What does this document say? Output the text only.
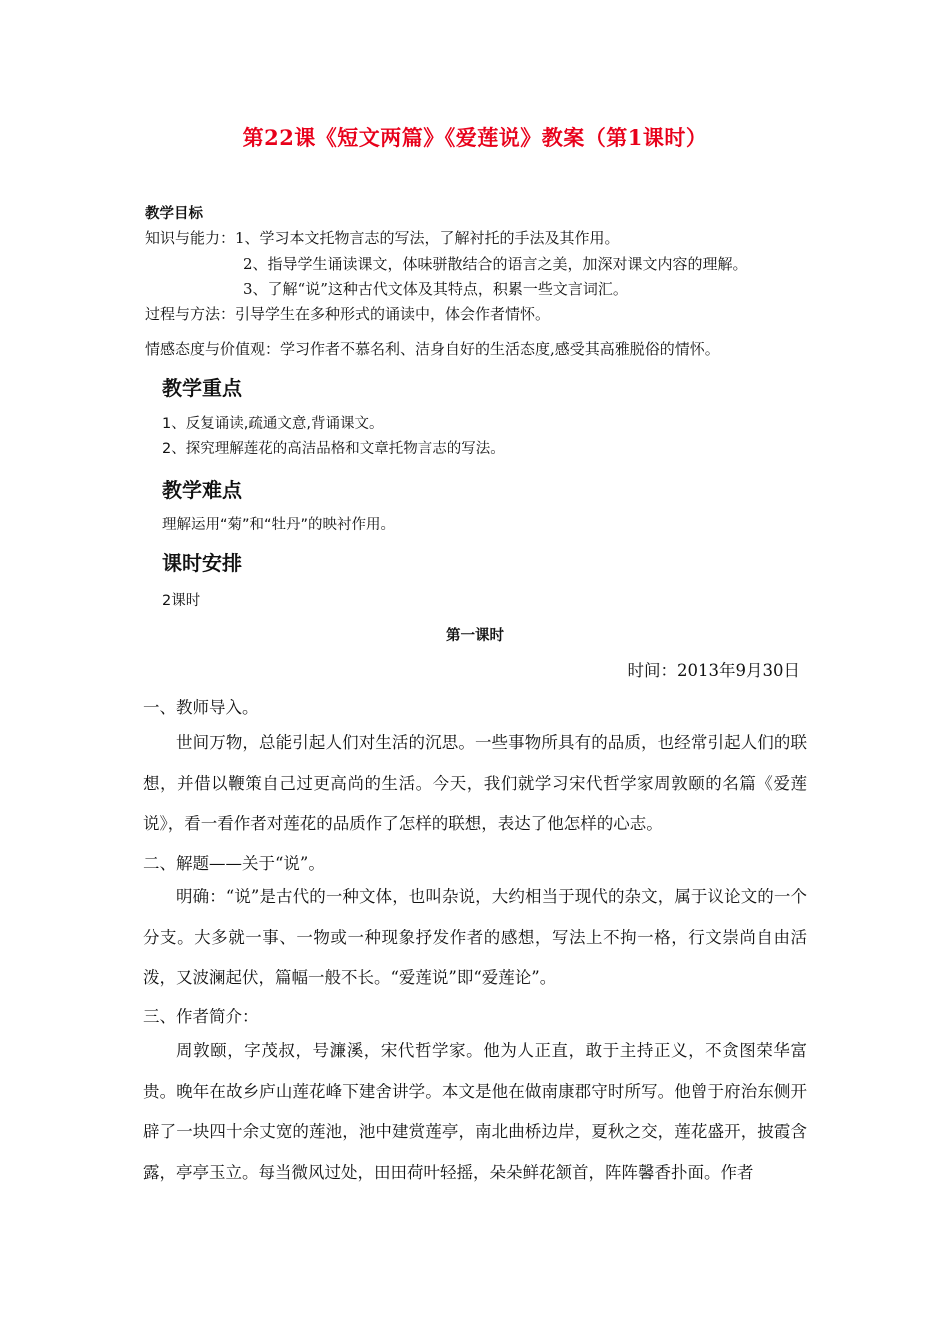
第22课《短文两篇》《爱莲说》教案（第1课时）
教学目标
知识与能力：1、学习本文托物言志的写法，了解衬托的手法及其作用。
2、指导学生诵读课文，体味骈散结合的语言之美，加深对课文内容的理解。
3、了解“说”这种古代文体及其特点，积累一些文言词汇。
过程与方法：引导学生在多种形式的诵读中，体会作者情怀。
情感态度与价值观：学习作者不慕名利、洁身自好的生活态度,感受其高雅脱俗的情怀。
教学重点
1、反复诵读,疏通文意,背诵课文。
2、探究理解莲花的高洁品格和文章托物言志的写法。
教学难点
理解运用“菊”和“牡丹”的映衬作用。
课时安排
2课时
第一课时
时间：2013年9月30日
一、教师导入。
世间万物，总能引起人们对生活的沉思。一些事物所具有的品质，也经常引起人们的联想，并借以鞭策自己过更高尚的生活。今天，我们就学习宋代哲学家周敦颐的名篇《爱莲说》，看一看作者对莲花的品质作了怎样的联想，表达了他怎样的心志。
二、解题——关于“说”。
明确：“说”是古代的一种文体，也叫杂说，大约相当于现代的杂文，属于议论文的一个分支。大多就一事、一物或一种现象抒发作者的感想，写法上不拘一格，行文崇尚自由活泼，又波澜起伏，篇幅一般不长。“爱莲说”即“爱莲论”。
三、作者简介：
周敦颐，字茂叔，号濂溪，宋代哲学家。他为人正直，敢于主持正义，不贪图荣华富贵。晚年在故乡庐山莲花峰下建舍讲学。本文是他在做南康郡守时所写。他曾于府治东侧开辟了一块四十余丈宽的莲池，池中建赏莲亭，南北曲桥边岸，夏秋之交，莲花盛开，披霞含露，亭亭玉立。每当微风过处，田田荷叶轻摇，朵朵鲜花颔首，阵阵馨香扑面。作者
